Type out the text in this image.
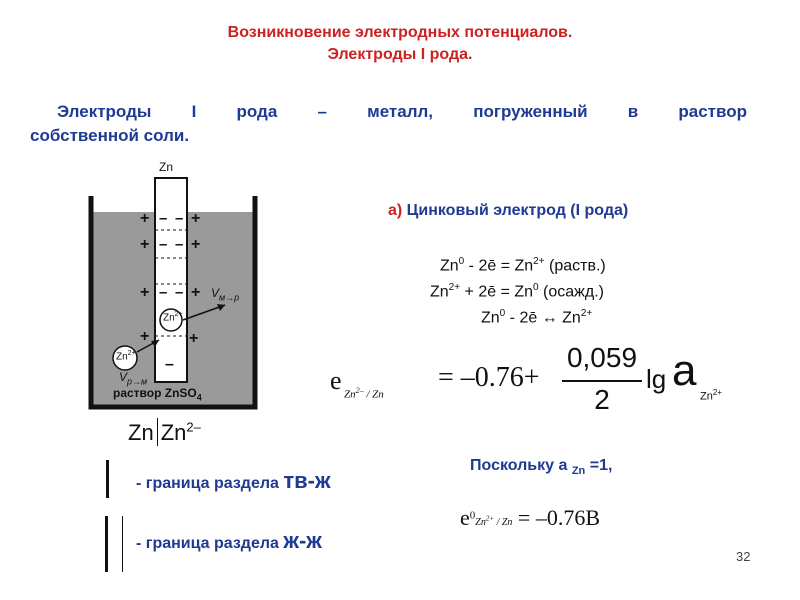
Возникновение электродных потенциалов.
Электроды I рода.
Электроды I рода – металл, погруженный в раствор
собственной соли.
Zn
+
+
+
+
+
+
+
+
– –
– –
– –
–
$Zn^{2+}$
$Zn^{2+}$
$V_{м\to р}$
$V_{р\to м}$
раствор ZnSO$_4$
Zn $Zn^{2-}$
а) Цинковый электрод (I рода)
Zn$^0$ - 2ē = $Zn^{2+}$ (раств.)
$Zn^{2+}$ + 2ē = $Zn^0$ (осажд.)
Zn$^0$ - 2ē ↔ $Zn^{2+}$
e $Zn^{2-}$ / Zn
= –0.76+
0,059
2
lg a
$Zn^{2+}$
Поскольку a $_{Zn}$ =1,
$e^0Zn^{2+} / Zn = -0.76B$
- граница раздела тв-ж
- граница раздела ж-ж
32
